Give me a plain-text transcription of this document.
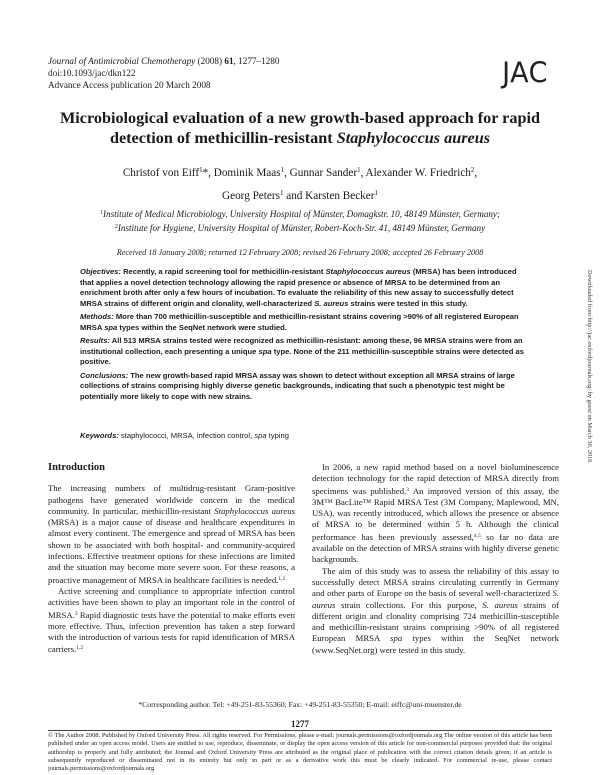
Journal of Antimicrobial Chemotherapy (2008) 61, 1277–1280
doi:10.1093/jac/dkn122
Advance Access publication 20 March 2008	JAC
Microbiological evaluation of a new growth-based approach for rapid
detection of methicillin-resistant Staphylococcus aureus
Christof von Eiff$^1$*, Dominik Maas$^1$, Gunnar Sander$^1$, Alexander W. Friedrich$^2$,
Georg Peters$^1$ and Karsten Becker$^1$
$^1$Institute of Medical Microbiology, University Hospital of Münster, Domagkstr. 10, 48149 Münster, Germany;
$^2$Institute for Hygiene, University Hospital of Münster, Robert-Koch-Str. 41, 48149 Münster, Germany
Received 18 January 2008; returned 12 February 2008; revised 26 February 2008; accepted 26 February 2008

Objectives: Recently, a rapid screening tool for methicillin-resistant Staphylococcus aureus (MRSA) has been introduced that applies a novel detection technology allowing the rapid presence or absence of MRSA to be determined from an enrichment broth after only a few hours of incubation. To evaluate the reliability of this new assay to successfully detect MRSA strains of different origin and clonality, well-characterized S. aureus strains were tested in this study.

Methods: More than 700 methicillin-susceptible and methicillin-resistant strains covering >90% of all registered European MRSA spa types within the SeqNet network were studied.

Results: All 513 MRSA strains tested were recognized as methicillin-resistant: among these, 96 MRSA strains were from an institutional collection, each presenting a unique spa type. None of the 211 methicillin-susceptible strains were detected as positive.

Conclusions: The new growth-based rapid MRSA assay was shown to detect without exception all MRSA strains of large collections of strains comprising highly diverse genetic backgrounds, indicating that such a phenotypic test might be potentially more likely to cope with new strains.

Keywords: staphylococci, MRSA, infection control, spa typing
Introduction

The increasing numbers of multidrug-resistant Gram-positive pathogens have generated worldwide concern in the medical community. In particular, methicillin-resistant Staphylococcus aureus (MRSA) is a major cause of disease and healthcare expenditures in almost every continent. The emergence and spread of MRSA has been shown to be associated with both hospital- and community-acquired infections. Effective treatment options for these infections are limited and the situation may become more severe soon. For these reasons, a proactive management of MRSA in healthcare facilities is needed.$^{1,2}$

Active screening and compliance to appropriate infection control activities have been shown to play an important role in the control of MRSA.$^3$ Rapid diagnostic tests have the potential to make efforts even more effective. Thus, infection prevention has taken a step forward with the introduction of various tests for rapid identification of MRSA carriers.$^{1,2}$

In 2006, a new rapid method based on a novel bioluminescence detection technology for the rapid detection of MRSA directly from specimens was published.$^3$ An improved version of this assay, the 3M™ BacLite™ Rapid MRSA Test (3M Company, Maplewood, MN, USA), was recently introduced, which allows the presence or absence of MRSA to be determined within 5 h. Although the clinical performance has been previously assessed,$^{4,5}$ so far no data are available on the detection of MRSA strains with highly diverse genetic backgrounds.

The aim of this study was to assess the reliability of this assay to successfully detect MRSA strains circulating currently in Germany and other parts of Europe on the basis of several well-characterized S. aureus strain collections. For this purpose, S. aureus strains of different origin and clonality comprising 724 methicillin-susceptible and methicillin-resistant strains comprising >90% of all registered European MRSA spa types within the SeqNet network (www.SeqNet.org) were tested in this study.

*Corresponding author. Tel: +49-251-83-55360; Fax: +49-251-83-55350; E-mail: eiffc@uni-muenster.de
1277
© The Author 2008. Published by Oxford University Press. All rights reserved. For Permissions, please e-mail: journals.permissions@oxfordjournals.org The online version of this article has been published under an open access model. Users are entitled to use, reproduce, disseminate, or display the open access version of this article for non-commercial purposes provided that: the original authorship is properly and fully attributed; the Journal and Oxford University Press are attributed as the original place of publication with the correct citation details given; if an article is subsequently reproduced or disseminated not in its entirety but only in part or as a derivative work this must be clearly indicated. For commercial re-use, please contact journals.permissions@oxfordjournals.org
Downloaded from http://jac.oxfordjournals.org/ by guest on March 30, 2016
